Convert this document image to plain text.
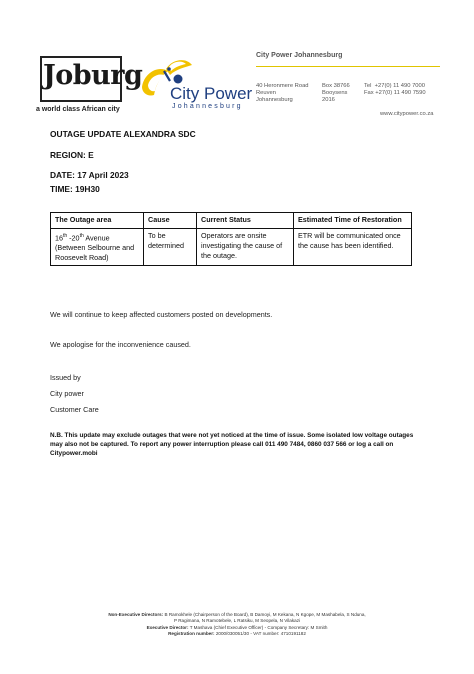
Joburg
a world class African city
City Power
Johannesburg
City Power Johannesburg
40 Heronmere Road
Reuven
Johannesburg
Box 38766
Booysens
2016
Tel  +27(0) 11 490 7000
Fax +27(0) 11 490 7590
www.citypower.co.za
OUTAGE UPDATE ALEXANDRA SDC
REGION: E
DATE: 17 April 2023
TIME: 19H30
The Outage area	Cause	Current Status	Estimated Time of Restoration
16th -20th Avenue (Between Selbourne and Roosevelt Road)	To be determined	Operators are onsite investigating the cause of the outage.	ETR will be communicated once the cause has been identified.
We will continue to keep affected customers posted on developments.
We apologise for the inconvenience caused.
Issued by
City power
Customer Care
N.B. This update may exclude outages that were not yet noticed at the time of issue. Some isolated low voltage outages may also not be captured. To report any power interruption please call 011 490 7484, 0860 037 566 or log a call on Citypower.mobi
Non-Executive Directors: B Ramokhele (Chairperson of the Board), B Damoyi, M Kekana, N Kgope, M Mashabela, S Nduna,
P Ragimana, N Ramotebele, L Ratsiku, M Seopela, N Vilakazi
Executive Director: T Mashava (Chief Executive Officer) - Company Secretary: M Smith
Registration number: 2000/030051/30 - VAT number: 4710191182
